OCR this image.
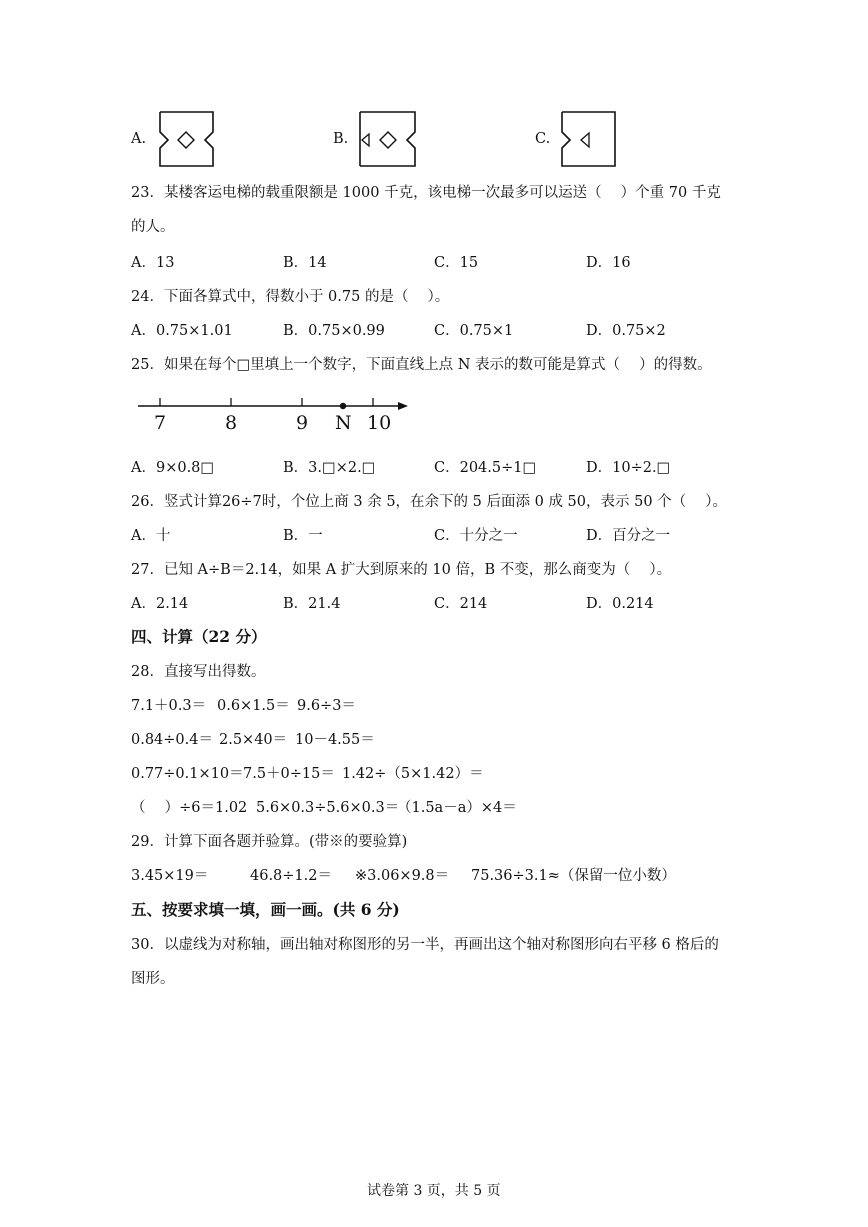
A.	B.	C.
23．某楼客运电梯的载重限额是 1000 千克，该电梯一次最多可以运送（　 ）个重 70 千克
的人。
A．13	B．14	C．15	D．16
24．下面各算式中，得数小于 0.75 的是（　 ）。
A．0.75×1.01	B．0.75×0.99	C．0.75×1	D．0.75×2
25．如果在每个□里填上一个数字，下面直线上点 N 表示的数可能是算式（　 ）的得数。
7	8	9 N 10
A．9×0.8□	B．3.□×2.□	C．204.5÷1□	D．10÷2.□
26．竖式计算26÷7时，个位上商 3 余 5，在余下的 5 后面添 0 成 50，表示 50 个（　 ）。
A．十	B．一	C．十分之一	D．百分之一
27．已知 A÷B＝2.14，如果 A 扩大到原来的 10 倍，B 不变，那么商变为（　 ）。
A．2.14	B．21.4	C．214	D．0.214
四、计算（22 分）
28．直接写出得数。
7.1＋0.3＝ 0.6×1.5＝ 9.6÷3＝
0.84÷0.4＝ 2.5×40＝ 10－4.55＝
0.77÷0.1×10＝ 7.5＋0÷15＝ 1.42÷（5×1.42）＝
（　 ）÷6＝1.02 5.6×0.3÷5.6×0.3＝
（1.5a－a）×4＝
29．计算下面各题并验算。(带※的要验算)
3.45×19＝	46.8÷1.2＝ ※3.06×9.8＝ 75.36÷3.1≈（保留一位小数）
五、按要求填一填，画一画。(共 6 分)
30．以虚线为对称轴，画出轴对称图形的另一半，再画出这个轴对称图形向右平移 6 格后的
图形。
试卷第 3 页，共 5 页
